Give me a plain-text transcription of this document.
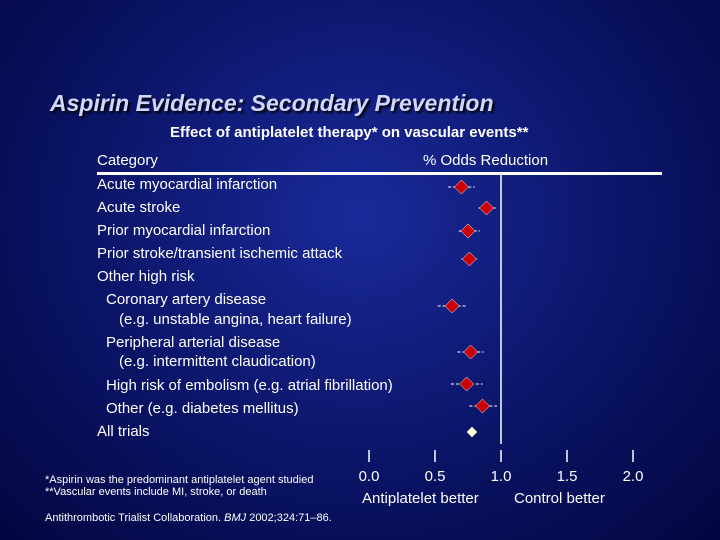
Aspirin Evidence: Secondary Prevention
Effect of antiplatelet therapy* on vascular events**
Category	% Odds Reduction
Acute myocardial infarction
Acute stroke
Prior myocardial infarction
Prior stroke/transient ischemic attack
Other high risk
Coronary artery disease
(e.g. unstable angina, heart failure)
Peripheral arterial disease
(e.g. intermittent claudication)
High risk of embolism (e.g. atrial fibrillation)
Other (e.g. diabetes mellitus)
All trials
0.0	0.5	1.0	1.5	2.0
Antiplatelet better Control better
*Aspirin was the predominant antiplatelet agent studied
**Vascular events include MI, stroke, or death
Antithrombotic Trialist Collaboration. BMJ 2002;324:71–86.
